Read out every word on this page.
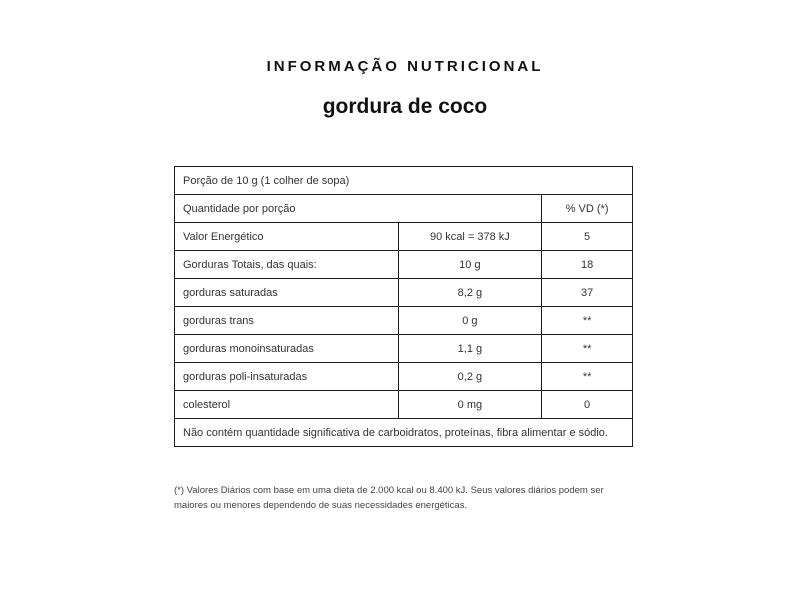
INFORMAÇÃO NUTRICIONAL
gordura de coco
Porção de 10 g (1 colher de sopa)		
Quantidade por porção		% VD (*)
Valor Energético	90 kcal = 378 kJ	5
Gorduras Totais, das quais:	10 g	18
gorduras saturadas	8,2 g	37
gorduras trans	0 g	**
gorduras monoinsaturadas	1,1 g	**
gorduras poli-insaturadas	0,2 g	**
colesterol	0 mg	0
Não contém quantidade significativa de carboidratos, proteínas, fibra alimentar e sódio.		
(*) Valores Diários com base em uma dieta de 2.000 kcal ou 8.400 kJ. Seus valores diários podem ser maiores ou menores dependendo de suas necessidades energéticas.
